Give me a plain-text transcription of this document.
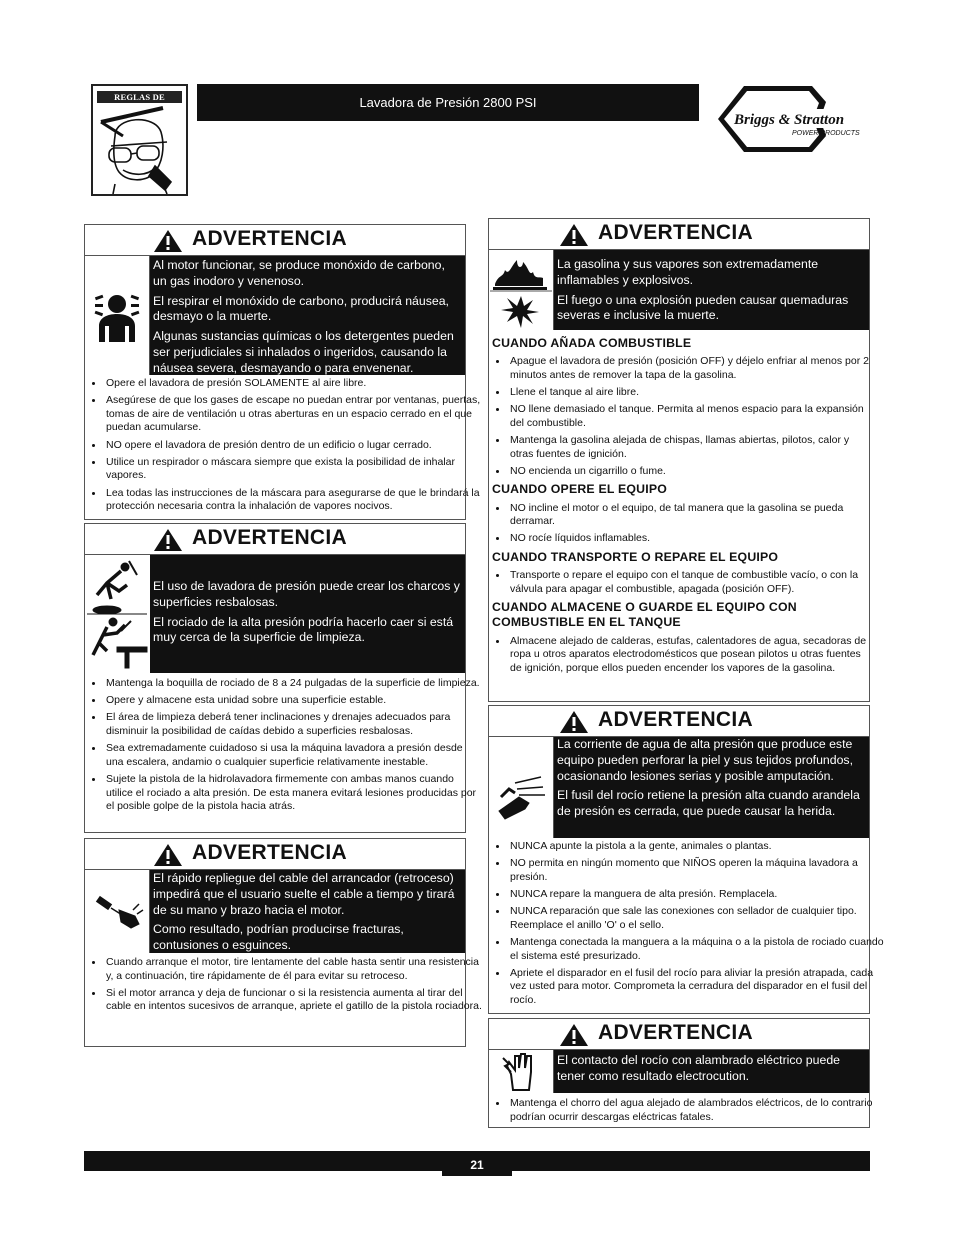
REGLAS DE SEGURIDAD	Lavadora de Presión 2800 PSI
Briggs & Stratton
POWER PRODUCTS
ADVERTENCIA

Al motor funcionar, se produce monóxido de carbono, un gas inodoro y venenoso.

El respirar el monóxido de carbono, producirá náusea, desmayo o la muerte.

Algunas sustancias químicas o los detergentes pueden ser perjudiciales si inhalados o ingeridos, causando la náusea severa, desmayando o para envenenar.

• Opere el lavadora de presión SOLAMENTE al aire libre.
• Asegúrese de que los gases de escape no puedan entrar por ventanas, puertas, tomas de aire de ventilación u otras aberturas en un espacio cerrado en el que puedan acumularse.
• NO opere el lavadora de presión dentro de un edificio o lugar cerrado.
• Utilice un respirador o máscara siempre que exista la posibilidad de inhalar vapores.
• Lea todas las instrucciones de la máscara para asegurarse de que le brindará la protección necesaria contra la inhalación de vapores nocivos.
ADVERTENCIA

El uso de lavadora de presión puede crear los charcos y superficies resbalosas.

El rociado de la alta presión podría hacerlo caer si está muy cerca de la superficie de limpieza.

• Mantenga la boquilla de rociado de 8 a 24 pulgadas de la superficie de limpieza.
• Opere y almacene esta unidad sobre una superficie estable.
• El área de limpieza deberá tener inclinaciones y drenajes adecuados para disminuir la posibilidad de caídas debido a superficies resbalosas.
• Sea extremadamente cuidadoso si usa la máquina lavadora a presión desde una escalera, andamio o cualquier superficie relativamente inestable.
• Sujete la pistola de la hidrolavadora firmemente con ambas manos cuando utilice el rociado a alta presión. De esta manera evitará lesiones producidas por el posible golpe de la pistola hacia atrás.
ADVERTENCIA

El rápido repliegue del cable del arrancador (retroceso) impedirá que el usuario suelte el cable a tiempo y tirará de su mano y brazo hacia el motor.

Como resultado, podrían producirse fracturas, contusiones o esguinces.

• Cuando arranque el motor, tire lentamente del cable hasta sentir una resistencia y, a continuación, tire rápidamente de él para evitar su retroceso.
• Si el motor arranca y deja de funcionar o si la resistencia aumenta al tirar del cable en intentos sucesivos de arranque, apriete el gatillo de la pistola rociadora.
ADVERTENCIA

La gasolina y sus vapores son extremadamente inflamables y explosivos.

El fuego o una explosión pueden causar quemaduras severas e inclusive la muerte.

CUANDO AÑADA COMBUSTIBLE
• Apague el lavadora de presión (posición OFF) y déjelo enfriar al menos por 2 minutos antes de remover la tapa de la gasolina.
• Llene el tanque al aire libre.
• NO llene demasiado el tanque. Permita al menos espacio para la expansión del combustible.
• Mantenga la gasolina alejada de chispas, llamas abiertas, pilotos, calor y otras fuentes de ignición.
• NO encienda un cigarrillo o fume.
CUANDO OPERE EL EQUIPO
• NO incline el motor o el equipo, de tal manera que la gasolina se pueda derramar.
• NO rocíe líquidos inflamables.
CUANDO TRANSPORTE O REPARE EL EQUIPO
• Transporte o repare el equipo con el tanque de combustible vacío, o con la válvula para apagar el combustible, apagada (posición OFF).
CUANDO ALMACENE O GUARDE EL EQUIPO CON COMBUSTIBLE EN EL TANQUE
• Almacene alejado de calderas, estufas, calentadores de agua, secadoras de ropa u otros aparatos electrodomésticos que posean pilotos u otras fuentes de ignición, porque ellos pueden encender los vapores de la gasolina.
ADVERTENCIA

La corriente de agua de alta presión que produce este equipo pueden perforar la piel y sus tejidos profundos, ocasionando lesiones serias y posible amputación.

El fusil del rocío retiene la presión alta cuando arandela de presión es cerrada, que puede causar la herida.

• NUNCA apunte la pistola a la gente, animales o plantas.
• NO permita en ningún momento que NIÑOS operen la máquina lavadora a presión.
• NUNCA repare la manguera de alta presión. Remplacela.
• NUNCA reparación que sale las conexiones con sellador de cualquier tipo. Reemplace el anillo 'O' o el sello.
• Mantenga conectada la manguera a la máquina o a la pistola de rociado cuando el sistema esté presurizado.
• Apriete el disparador en el fusil del rocío para aliviar la presión atrapada, cada vez usted para motor. Comprometa la cerradura del disparador en el fusil del rocío.
ADVERTENCIA

El contacto del rocío con alambrado eléctrico puede tener como resultado electrocution.

• Mantenga el chorro del agua alejado de alambrados eléctricos, de lo contrario podrían ocurrir descargas eléctricas fatales.
21
